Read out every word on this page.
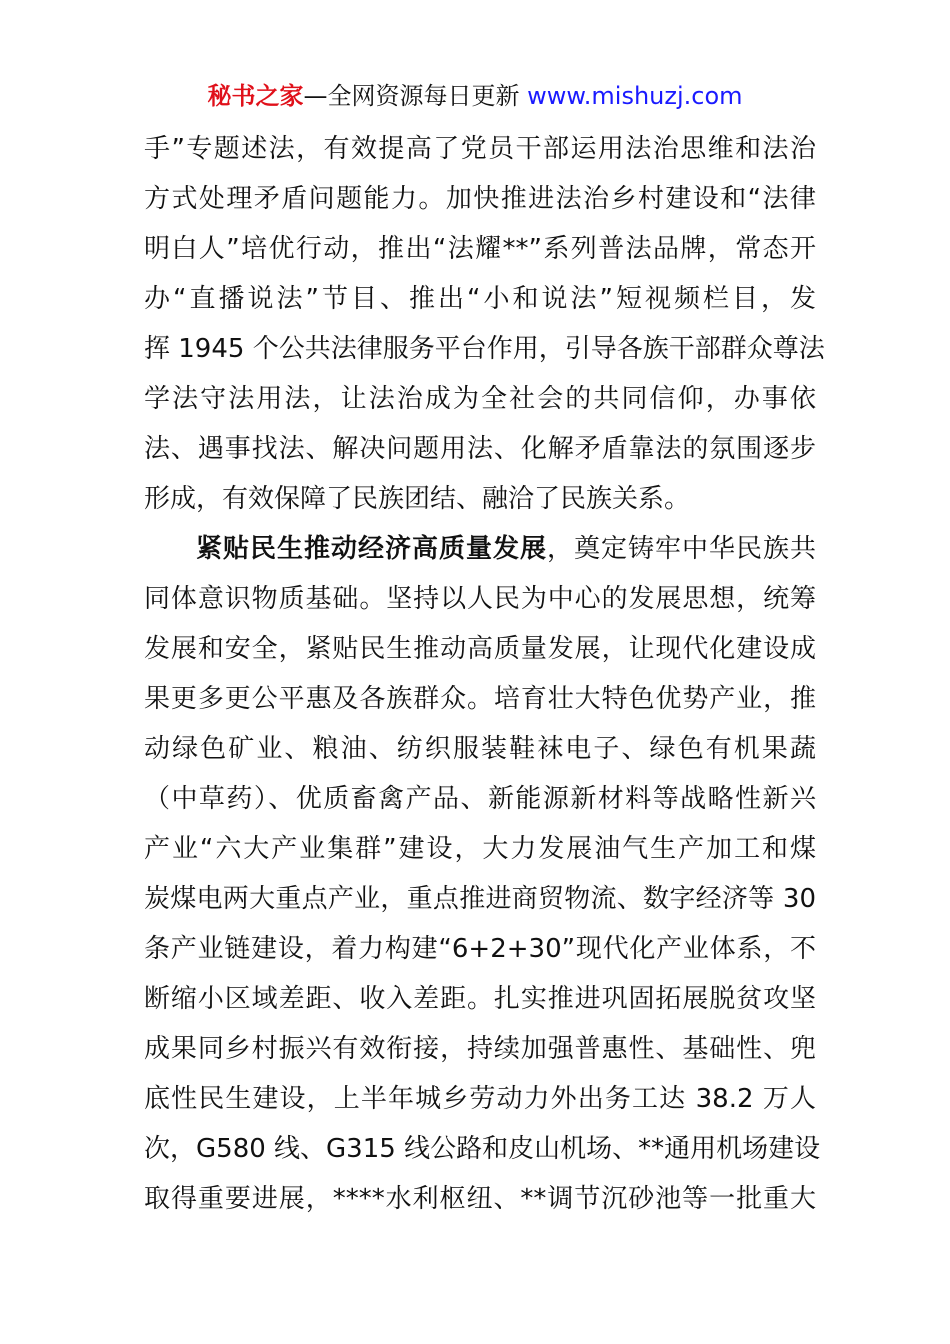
秘书之家—全网资源每日更新 www.mishuzj.com
手”专题述法，有效提高了党员干部运用法治思维和法治
方式处理矛盾问题能力。加快推进法治乡村建设和“法律
明白人”培优行动，推出“法耀**”系列普法品牌，常态开
办“直播说法”节目、推出“小和说法”短视频栏目，发
挥 1945 个公共法律服务平台作用，引导各族干部群众尊法
学法守法用法，让法治成为全社会的共同信仰，办事依
法、遇事找法、解决问题用法、化解矛盾靠法的氛围逐步
形成，有效保障了民族团结、融洽了民族关系。
紧贴民生推动经济高质量发展，奠定铸牢中华民族共
同体意识物质基础。坚持以人民为中心的发展思想，统筹
发展和安全，紧贴民生推动高质量发展，让现代化建设成
果更多更公平惠及各族群众。培育壮大特色优势产业，推
动绿色矿业、粮油、纺织服装鞋袜电子、绿色有机果蔬
（中草药）、优质畜禽产品、新能源新材料等战略性新兴
产业“六大产业集群”建设，大力发展油气生产加工和煤
炭煤电两大重点产业，重点推进商贸物流、数字经济等 30
条产业链建设，着力构建“6+2+30”现代化产业体系，不
断缩小区域差距、收入差距。扎实推进巩固拓展脱贫攻坚
成果同乡村振兴有效衔接，持续加强普惠性、基础性、兜
底性民生建设，上半年城乡劳动力外出务工达 38.2 万人
次，G580 线、G315 线公路和皮山机场、**通用机场建设
取得重要进展，****水利枢纽、**调节沉砂池等一批重大
